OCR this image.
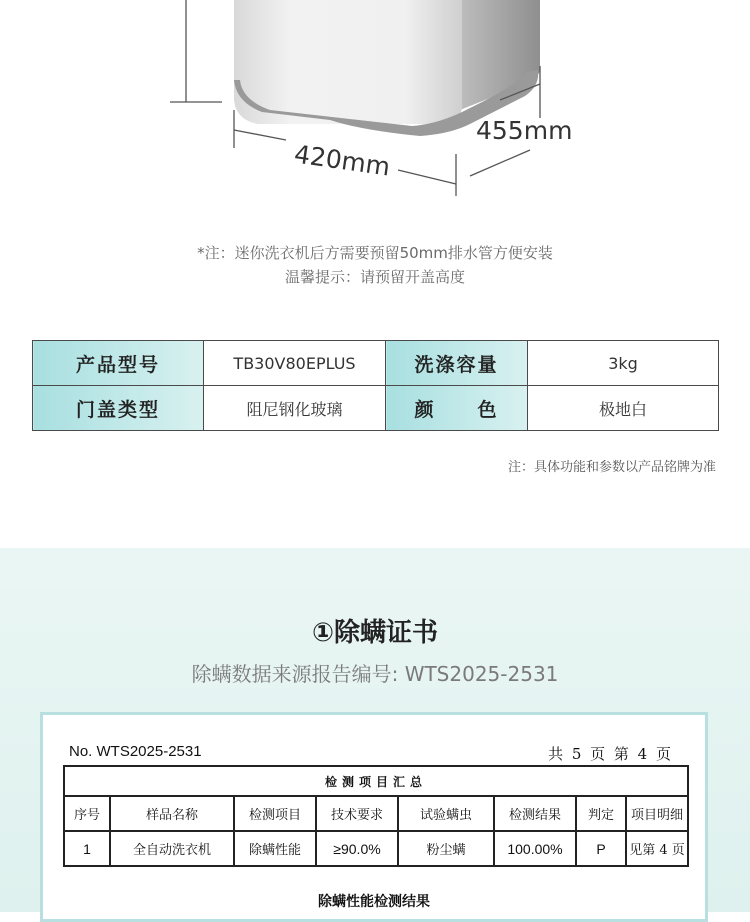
420mm
455mm
*注：迷你洗衣机后方需要预留50mm排水管方便安装
温馨提示：请预留开盖高度
产品型号	TB30V80EPLUS	洗涤容量	3kg
门盖类型	阻尼钢化玻璃	颜　　色	极地白
注：具体功能和参数以产品铭牌为准
①除螨证书
除螨数据来源报告编号: WTS2025-2531
No. WTS2025-2531	共 5 页 第 4 页
检测项目汇总							
序号	样品名称	检测项目	技术要求	试验螨虫	检测结果	判定	项目明细
1	全自动洗衣机	除螨性能	≥90.0%	粉尘螨	100.00%	P	见第 4 页
除螨性能检测结果
